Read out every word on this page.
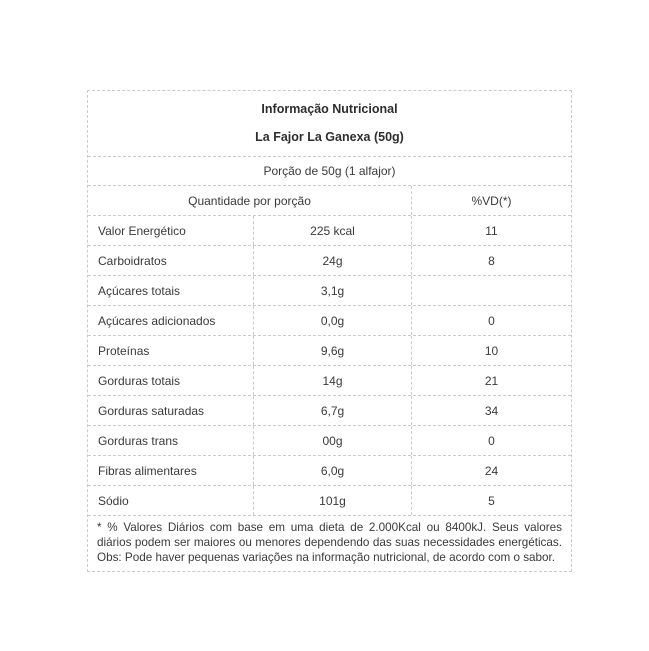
Informação Nutricional
La Fajor La Ganexa (50g)
Porção de 50g (1 alfajor)
Quantidade por porção	%VD(*)
Valor Energético	225 kcal	11
Carboidratos	24g	8
Açúcares totais	3,1g
Açúcares adicionados	0,0g	0
Proteínas	9,6g	10
Gorduras totais	14g	21
Gorduras saturadas	6,7g	34
Gorduras trans	00g	0
Fibras alimentares	6,0g	24
Sódio	101g	5
* % Valores Diários com base em uma dieta de 2.000Kcal ou 8400kJ. Seus valores diários podem ser maiores ou menores dependendo das suas necessidades energéticas. Obs: Pode haver pequenas variações na informação nutricional, de acordo com o sabor.
